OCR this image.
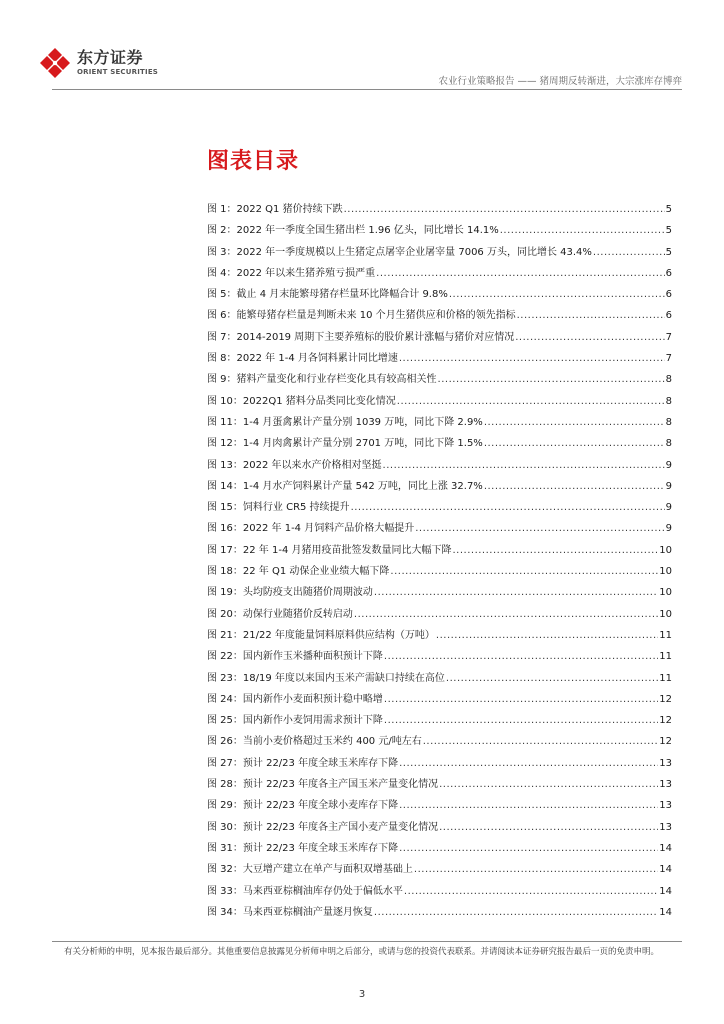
东方证券
ORIENT SECURITIES
农业行业策略报告 —— 猪周期反转渐进，大宗涨库存博弈
图表目录
图 1：2022 Q1 猪价持续下跌 .....	5
图 2：2022 年一季度全国生猪出栏 1.96 亿头，同比增长 14.1% .....	5
图 3：2022 年一季度规模以上生猪定点屠宰企业屠宰量 7006 万头，同比增长 43.4% .....	5
图 4：2022 年以来生猪养殖亏损严重 .....	6
图 5：截止 4 月末能繁母猪存栏量环比降幅合计 9.8% .....	6
图 6：能繁母猪存栏量是判断未来 10 个月生猪供应和价格的领先指标 .....	6
图 7：2014-2019 周期下主要养殖标的股价累计涨幅与猪价对应情况 .....	7
图 8：2022 年 1-4 月各饲料累计同比增速 .....	7
图 9：猪料产量变化和行业存栏变化具有较高相关性 .....	8
图 10：2022Q1 猪料分品类同比变化情况 .....	8
图 11：1-4 月蛋禽累计产量分别 1039 万吨，同比下降 2.9% .....	8
图 12：1-4 月肉禽累计产量分别 2701 万吨，同比下降 1.5% .....	8
图 13：2022 年以来水产价格相对坚挺 .....	9
图 14：1-4 月水产饲料累计产量 542 万吨，同比上涨 32.7% .....	9
图 15：饲料行业 CR5 持续提升 .....	9
图 16：2022 年 1-4 月饲料产品价格大幅提升 .....	9
图 17：22 年 1-4 月猪用疫苗批签发数量同比大幅下降 .....	10
图 18：22 年 Q1 动保企业业绩大幅下降 .....	10
图 19：头均防疫支出随猪价周期波动 .....	10
图 20：动保行业随猪价反转启动 .....	10
图 21：21/22 年度能量饲料原料供应结构（万吨） .....	11
图 22：国内新作玉米播种面积预计下降 .....	11
图 23：18/19 年度以来国内玉米产需缺口持续在高位 .....	11
图 24：国内新作小麦面积预计稳中略增 .....	12
图 25：国内新作小麦饲用需求预计下降 .....	12
图 26：当前小麦价格超过玉米约 400 元/吨左右 .....	12
图 27：预计 22/23 年度全球玉米库存下降 .....	13
图 28：预计 22/23 年度各主产国玉米产量变化情况 .....	13
图 29：预计 22/23 年度全球小麦库存下降 .....	13
图 30：预计 22/23 年度各主产国小麦产量变化情况 .....	13
图 31：预计 22/23 年度全球玉米库存下降 .....	14
图 32：大豆增产建立在单产与面积双增基础上 .....	14
图 33：马来西亚棕榈油库存仍处于偏低水平 .....	14
图 34：马来西亚棕榈油产量逐月恢复 .....	14
有关分析师的申明，见本报告最后部分。其他重要信息披露见分析师申明之后部分，或请与您的投资代表联系。并请阅读本证券研究报告最后一页的免责申明。
3
